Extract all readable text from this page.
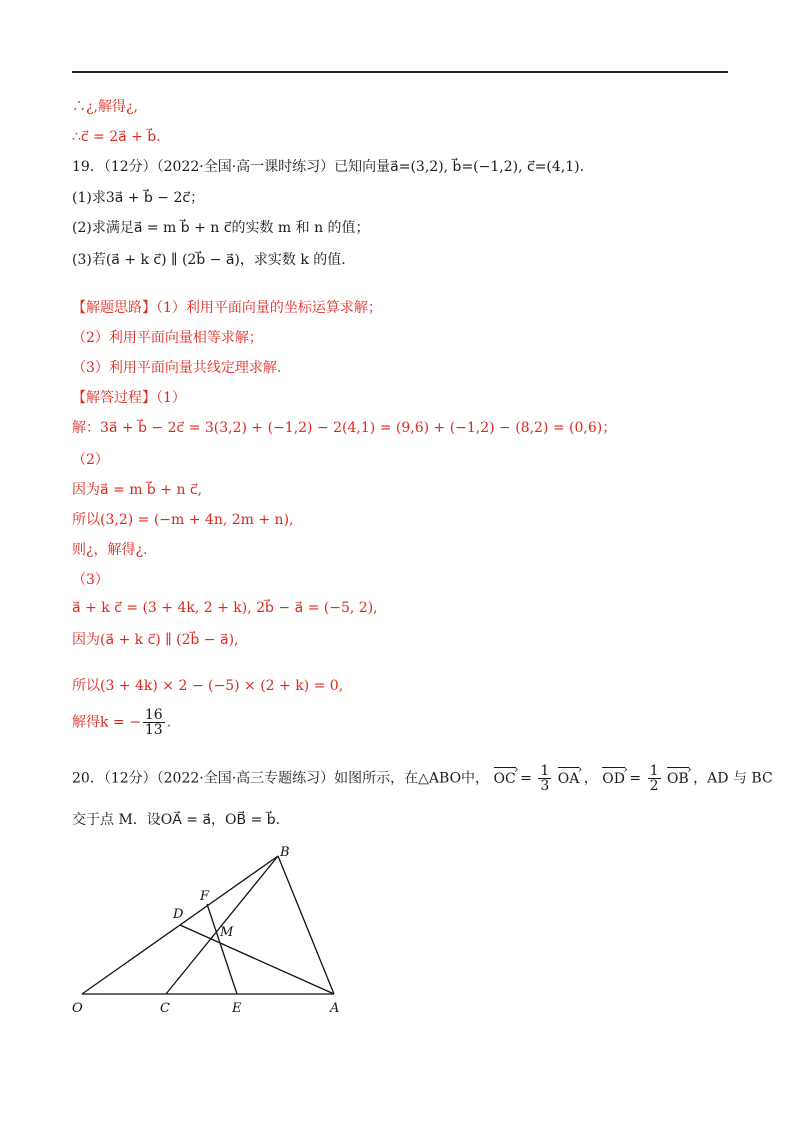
∴¿,解得¿,
∴c⃗ = 2a⃗ + b⃗.
19．（12分）（2022·全国·高一课时练习）已知向量a⃗=(3,2), b⃗=(−1,2), c⃗=(4,1).
(1)求3a⃗ + b⃗ − 2c⃗；
(2)求满足a⃗ = m b⃗ + n c⃗的实数 m 和 n 的值；
(3)若(a⃗ + k c⃗) ∥ (2b⃗ − a⃗)，求实数 k 的值.
【解题思路】（1）利用平面向量的坐标运算求解；
（2）利用平面向量相等求解；
（3）利用平面向量共线定理求解.
【解答过程】（1）
解：3a⃗ + b⃗ − 2c⃗ = 3(3,2) + (−1,2) − 2(4,1) = (9,6) + (−1,2) − (8,2) = (0,6)；
（2）
因为a⃗ = m b⃗ + n c⃗,
所以(3,2) = (−m + 4n, 2m + n),
则¿，解得¿.
（3）
a⃗ + k c⃗ = (3 + 4k, 2 + k), 2b⃗ − a⃗ = (−5, 2),
因为(a⃗ + k c⃗) ∥ (2b⃗ − a⃗),
所以(3 + 4k) × 2 − (−5) × (2 + k) = 0,
解得k = − $\frac{16}{13}$ .
20．（12分）（2022·全国·高三专题练习）如图所示，在△ABO中， OC › = $\frac{1}{3}$ OA › ， OD › = $\frac{1}{2}$ OB › ，AD 与 BC
交于点 M．设OA⃗ = a⃗，OB⃗ = b⃗.
O	C	E	A
B
D
F
M
